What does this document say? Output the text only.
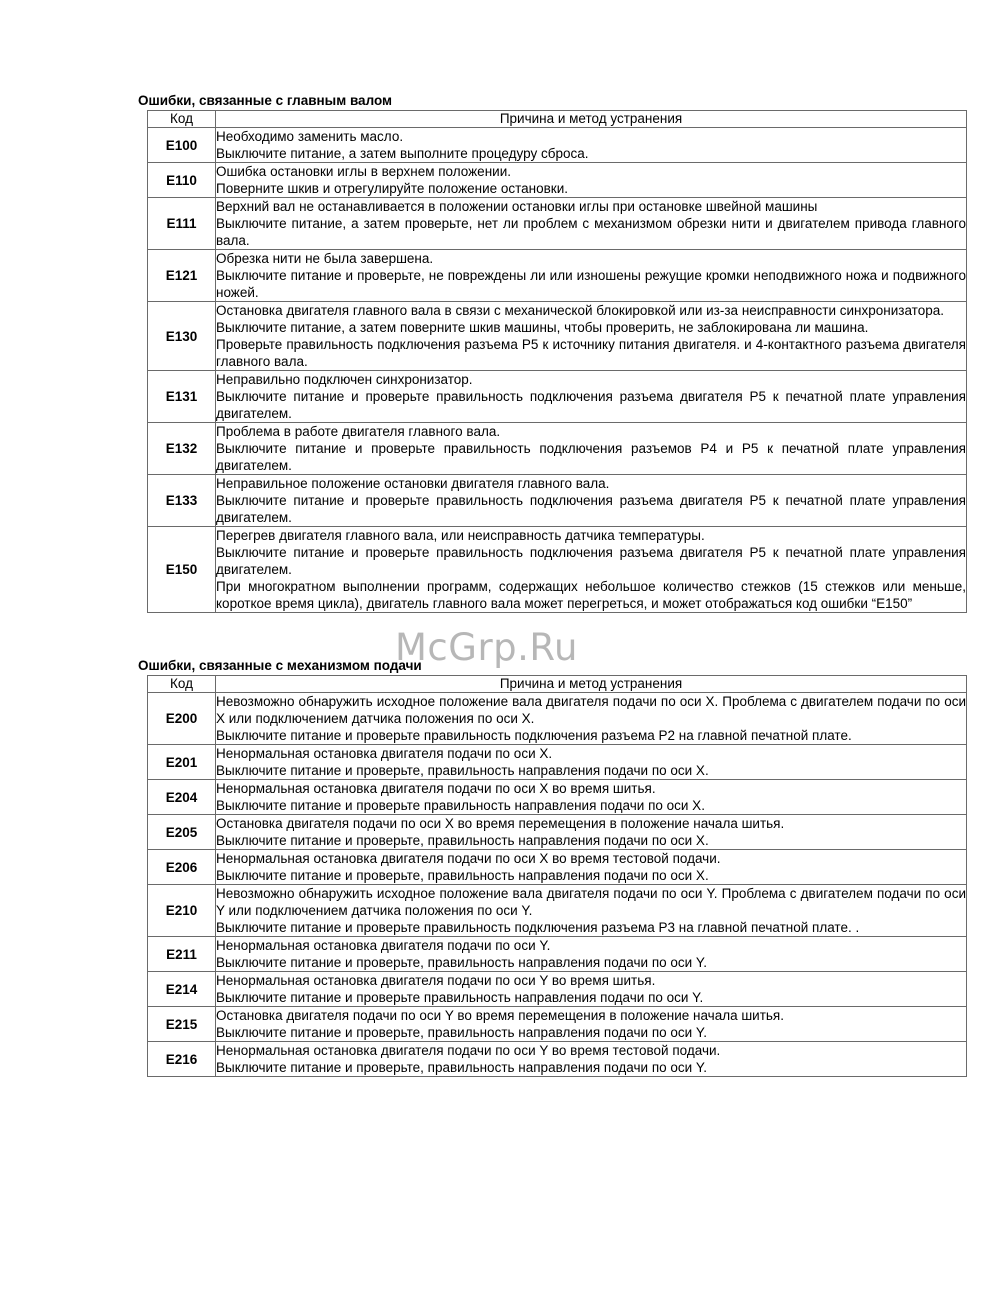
Ошибки, связанные с главным валом
Код	Причина и метод устранения
E100	Необходимо заменить масло.
Выключите питание, а затем выполните процедуру сброса.

E110	Ошибка остановки иглы в верхнем положении.
Поверните шкив и отрегулируйте положение остановки.

E111	Верхний вал не останавливается в положении остановки иглы при остановке швейной машины
Выключите питание, а затем проверьте, нет ли проблем с механизмом обрезки нити и двигателем привода главного вала.

E121	Обрезка нити не была завершена.
Выключите питание и проверьте, не повреждены ли или изношены режущие кромки неподвижного ножа и подвижного ножей.

E130	Остановка двигателя главного вала в связи с механической блокировкой или из-за неисправности синхронизатора.
Выключите питание, а затем поверните шкив машины, чтобы проверить, не заблокирована ли машина.
Проверьте правильность подключения разъема P5 к источнику питания двигателя. и 4-контактного разъема двигателя главного вала.

E131	Неправильно подключен синхронизатор.
Выключите питание и проверьте правильность подключения разъема двигателя P5 к печатной плате управления двигателем.

E132	Проблема в работе двигателя главного вала.
Выключите питание и проверьте правильность подключения разъемов P4 и P5 к печатной плате управления двигателем.

E133	Неправильное положение остановки двигателя главного вала.
Выключите питание и проверьте правильность подключения разъема двигателя P5 к печатной плате управления двигателем.

E150	Перегрев двигателя главного вала, или неисправность датчика температуры.
Выключите питание и проверьте правильность подключения разъема двигателя P5 к печатной плате управления двигателем.
При многократном выполнении программ, содержащих небольшое количество стежков (15 стежков или меньше, короткое время цикла), двигатель главного вала может перегреться, и может отображаться код ошибки “E150”
Ошибки, связанные с механизмом подачи
Код	Причина и метод устранения
E200	Невозможно обнаружить исходное положение вала двигателя подачи по оси X. Проблема с двигателем подачи по оси X или подключением датчика положения по оси X.
Выключите питание и проверьте правильность подключения разъема P2 на главной печатной плате.

E201	Ненормальная остановка двигателя подачи по оси X.
Выключите питание и проверьте, правильность направления подачи по оси X.

E204	Ненормальная остановка двигателя подачи по оси X во время шитья.
Выключите питание и проверьте правильность направления подачи по оси X.

E205	Остановка двигателя подачи по оси X во время перемещения в положение начала шитья.
Выключите питание и проверьте, правильность направления подачи по оси X.

E206	Ненормальная остановка двигателя подачи по оси X во время тестовой подачи.
Выключите питание и проверьте, правильность направления подачи по оси X.

E210	Невозможно обнаружить исходное положение вала двигателя подачи по оси Y. Проблема с двигателем подачи по оси Y или подключением датчика положения по оси Y.
Выключите питание и проверьте правильность подключения разъема P3 на главной печатной плате. .

E211	Ненормальная остановка двигателя подачи по оси Y.
Выключите питание и проверьте, правильность направления подачи по оси Y.

E214	Ненормальная остановка двигателя подачи по оси Y во время шитья.
Выключите питание и проверьте правильность направления подачи по оси Y.

E215	Остановка двигателя подачи по оси Y во время перемещения в положение начала шитья.
Выключите питание и проверьте, правильность направления подачи по оси Y.

E216	Ненормальная остановка двигателя подачи по оси Y во время тестовой подачи.
Выключите питание и проверьте, правильность направления подачи по оси Y.
McGrp.Ru
